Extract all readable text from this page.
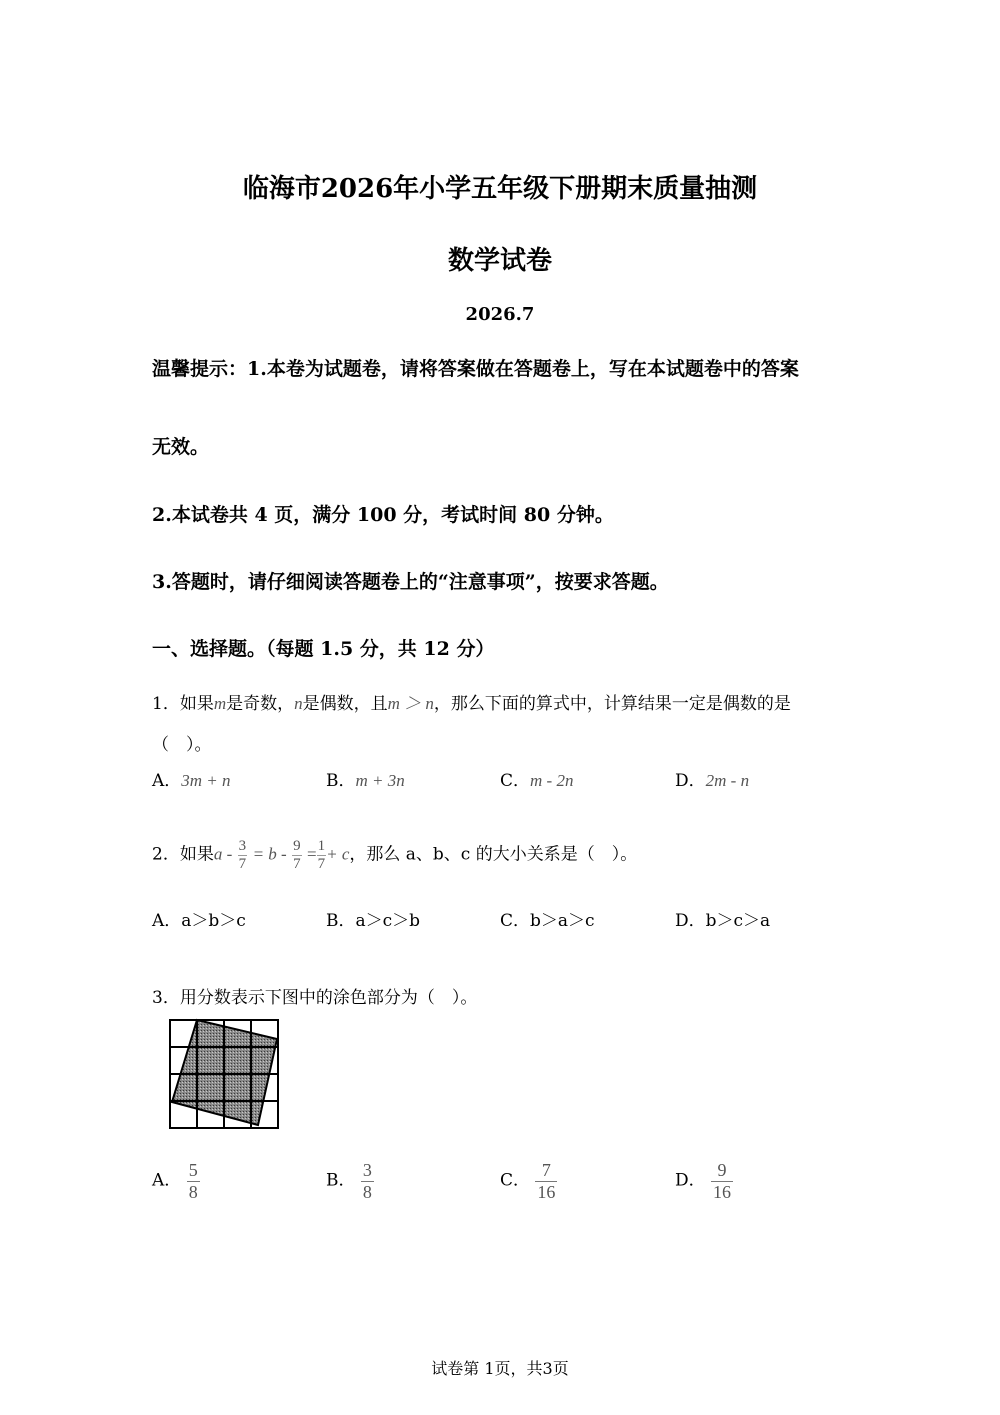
临海市2026年小学五年级下册期末质量抽测
数学试卷
2026.7
温馨提示：1.本卷为试题卷，请将答案做在答题卷上，写在本试题卷中的答案
无效。
2.本试卷共 4 页，满分 100 分，考试时间 80 分钟。
3.答题时，请仔细阅读答题卷上的“注意事项”，按要求答题。
一、选择题。（每题 1.5 分，共 12 分）
1．如果m是奇数，n是偶数，且m ＞ n，那么下面的算式中，计算结果一定是偶数的是
（　）。
A．3m + n	B．m + 3n	C．m - 2n	D．2m - n
2．如果$a - \frac{3}{7} = b - \frac{9}{7} = \frac{1}{7} + c$，那么 a、b、c 的大小关系是（　）。
A．a＞b＞c	B．a＞c＞b	C．b＞a＞c	D．b＞c＞a
3．用分数表示下图中的涂色部分为（　）。
A． $\frac{5}{8}$	B． $\frac{3}{8}$	C． $\frac{7}{16}$	D． $\frac{9}{16}$
试卷第 1页，共3页
